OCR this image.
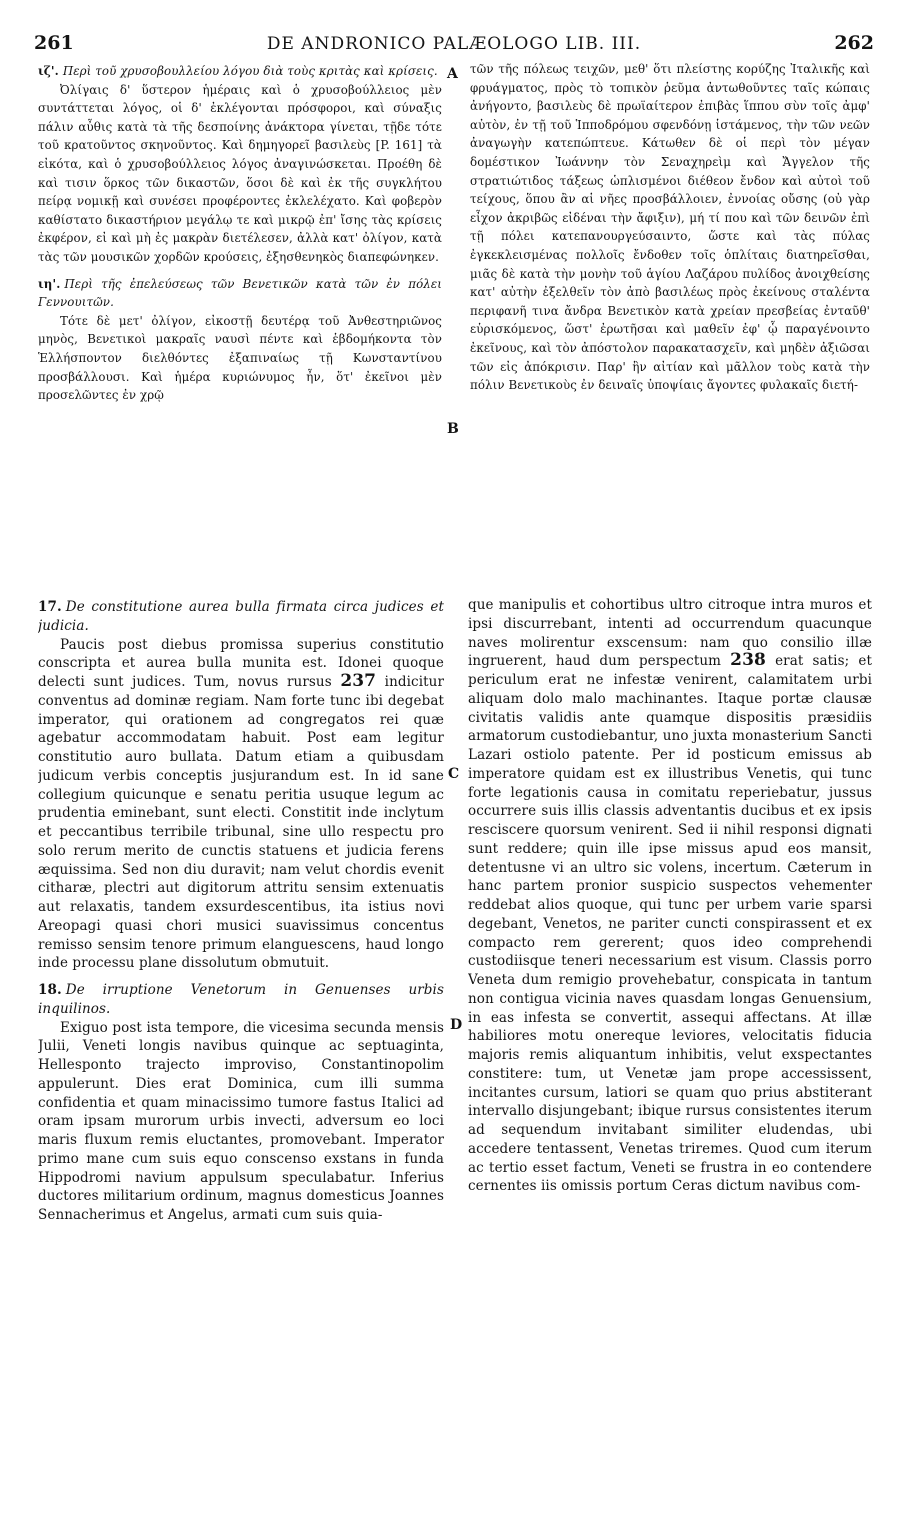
261	DE ANDRONICO PALÆOLOGO LIB. III.	262

ιζ'. Περὶ τοῦ χρυσοβουλλείου λόγου διὰ τοὺς κριτὰς καὶ κρίσεις.

Ὀλίγαις δ' ὕστερον ἡμέραις καὶ ὁ χρυσοβούλλειος μὲν συντάττεται λόγος, οἱ δ' ἐκλέγονται πρόσφοροι, καὶ σύναξις πάλιν αὖθις κατὰ τὰ τῆς δεσποίνης ἀνάκτορα γίνεται, τῇδε τότε τοῦ κρατοῦντος σκηνοῦντος. Καὶ δημηγορεῖ βασιλεὺς [P. 161] τὰ εἰκότα, καὶ ὁ χρυσοβούλλειος λόγος ἀναγινώσκεται. Προέθη δὲ καὶ τισιν ὅρκος τῶν δικαστῶν, ὅσοι δὲ καὶ ἐκ τῆς συγκλήτου πείρᾳ νομικῇ καὶ συνέσει προφέροντες ἐκλελέχατο. Καὶ φοβερὸν καθίστατο δικαστήριον μεγάλῳ τε καὶ μικρῷ ἐπ' ἴσης τὰς κρίσεις ἐκφέρον, εἰ καὶ μὴ ἐς μακρὰν διετέλεσεν, ἀλλὰ κατ' ὀλίγον, κατὰ τὰς τῶν μουσικῶν χορδῶν κρούσεις, ἐξησθενηκὸς διαπεφώνηκεν.

ιη'. Περὶ τῆς ἐπελεύσεως τῶν Βενετικῶν κατὰ τῶν ἐν πόλει Γεννουιτῶν.

Τότε δὲ μετ' ὀλίγον, εἰκοστῇ δευτέρᾳ τοῦ Ἀνθεστηριῶνος μηνὸς, Βενετικοὶ μακραῖς ναυσὶ πέντε καὶ ἑβδομήκοντα τὸν Ἑλλήσποντον διελθόντες ἐξαπιναίως τῇ Κωνσταντίνου προσβάλλουσι. Καὶ ἡμέρα κυριώνυμος ἦν, ὅτ' ἐκεῖνοι μὲν προσελῶντες ἐν χρῷ

τῶν τῆς πόλεως τειχῶν, μεθ' ὅτι πλείστης κορύζης Ἰταλικῆς καὶ φρυάγματος, πρὸς τὸ τοπικὸν ῥεῦμα ἀντωθοῦντες ταῖς κώπαις ἀνήγοντο, βασιλεὺς δὲ πρωϊαίτερον ἐπιβὰς ἵππου σὺν τοῖς ἀμφ' αὐτὸν, ἐν τῇ τοῦ Ἱπποδρόμου σφενδόνῃ ἱστάμενος, τὴν τῶν νεῶν ἀναγωγὴν κατεπώπτευε. Κάτωθεν δὲ οἱ περὶ τὸν μέγαν δομέστικον Ἰωάννην τὸν Σεναχηρεὶμ καὶ Ἄγγελον τῆς στρατιώτιδος τάξεως ὡπλισμένοι διέθεον ἔνδον καὶ αὐτοὶ τοῦ τείχους, ὅπου ἂν αἱ νῆες προσβάλλοιεν, ἐννοίας οὔσης (οὐ γὰρ εἶχον ἀκριβῶς εἰδέναι τὴν ἄφιξιν), μή τί που καὶ τῶν δεινῶν ἐπὶ τῇ πόλει κατεπανουργεύσαιντο, ὥστε καὶ τὰς πύλας ἐγκεκλεισμένας πολλοῖς ἔνδοθεν τοῖς ὁπλίταις διατηρεῖσθαι, μιᾶς δὲ κατὰ τὴν μονὴν τοῦ ἁγίου Λαζάρου πυλίδος ἀνοιχθείσης κατ' αὐτὴν ἐξελθεῖν τὸν ἀπὸ βασιλέως πρὸς ἐκείνους σταλέντα περιφανῆ τινα ἄνδρα Βενετικὸν κατὰ χρείαν πρεσβείας ἐνταῦθ' εὑρισκόμενος, ὥστ' ἐρωτῆσαι καὶ μαθεῖν ἐφ' ᾧ παραγένοιντο ἐκεῖνους, καὶ τὸν ἀπόστολον παρακατασχεῖν, καὶ μηδὲν ἀξιῶσαι τῶν εἰς ἀπόκρισιν. Παρ' ἣν αἰτίαν καὶ μᾶλλον τοὺς κατὰ τὴν πόλιν Βενετικοὺς ἐν δειναῖς ὑποψίαις ἄγοντες φυλακαῖς διετή-

A
B
C
D

17. De constitutione aurea bulla firmata circa judices et judicia.

Paucis post diebus promissa superius constitutio conscripta et aurea bulla munita est. Idonei quoque delecti sunt judices. Tum, novus rursus 237 indicitur conventus ad dominæ regiam. Nam forte tunc ibi degebat imperator, qui orationem ad congregatos rei quæ agebatur accommodatam habuit. Post eam legitur constitutio auro bullata. Datum etiam a quibusdam judicum verbis conceptis jusjurandum est. In id sane collegium quicunque e senatu peritia usuque legum ac prudentia eminebant, sunt electi. Constitit inde inclytum et peccantibus terribile tribunal, sine ullo respectu pro solo rerum merito de cunctis statuens et judicia ferens æquissima. Sed non diu duravit; nam velut chordis evenit citharæ, plectri aut digitorum attritu sensim extenuatis aut relaxatis, tandem exsurdescentibus, ita istius novi Areopagi quasi chori musici suavissimus concentus remisso sensim tenore primum elanguescens, haud longo inde processu plane dissolutum obmutuit.

18. De irruptione Venetorum in Genuenses urbis inquilinos.

Exiguo post ista tempore, die vicesima secunda mensis Julii, Veneti longis navibus quinque ac septuaginta, Hellesponto trajecto improviso, Constantinopolim appulerunt. Dies erat Dominica, cum illi summa confidentia et quam minacissimo tumore fastus Italici ad oram ipsam murorum urbis invecti, adversum eo loci maris fluxum remis eluctantes, promovebant. Imperator primo mane cum suis equo conscenso exstans in funda Hippodromi navium appulsum speculabatur. Inferius ductores militarium ordinum, magnus domesticus Joannes Sennacherimus et Angelus, armati cum suis quia-

que manipulis et cohortibus ultro citroque intra muros et ipsi discurrebant, intenti ad occurrendum quacunque naves molirentur exscensum: nam quo consilio illæ ingruerent, haud dum perspectum 238 erat satis; et periculum erat ne infestæ venirent, calamitatem urbi aliquam dolo malo machinantes. Itaque portæ clausæ civitatis validis ante quamque dispositis præsidiis armatorum custodiebantur, uno juxta monasterium Sancti Lazari ostiolo patente. Per id posticum emissus ab imperatore quidam est ex illustribus Venetis, qui tunc forte legationis causa in comitatu reperiebatur, jussus occurrere suis illis classis adventantis ducibus et ex ipsis resciscere quorsum venirent. Sed ii nihil responsi dignati sunt reddere; quin ille ipse missus apud eos mansit, detentusne vi an ultro sic volens, incertum. Cæterum in hanc partem pronior suspicio suspectos vehementer reddebat alios quoque, qui tunc per urbem varie sparsi degebant, Venetos, ne pariter cuncti conspirassent et ex compacto rem gererent; quos ideo comprehendi custodiisque teneri necessarium est visum. Classis porro Veneta dum remigio provehebatur, conspicata in tantum non contigua vicinia naves quasdam longas Genuensium, in eas infesta se convertit, assequi affectans. At illæ habiliores motu onereque leviores, velocitatis fiducia majoris remis aliquantum inhibitis, velut exspectantes constitere: tum, ut Venetæ jam prope accessissent, incitantes cursum, latiori se quam quo prius abstiterant intervallo disjungebant; ibique rursus consistentes iterum ad sequendum invitabant similiter eludendas, ubi accedere tentassent, Venetas triremes. Quod cum iterum ac tertio esset factum, Veneti se frustra in eo contendere cernentes iis omissis portum Ceras dictum navibus com-
